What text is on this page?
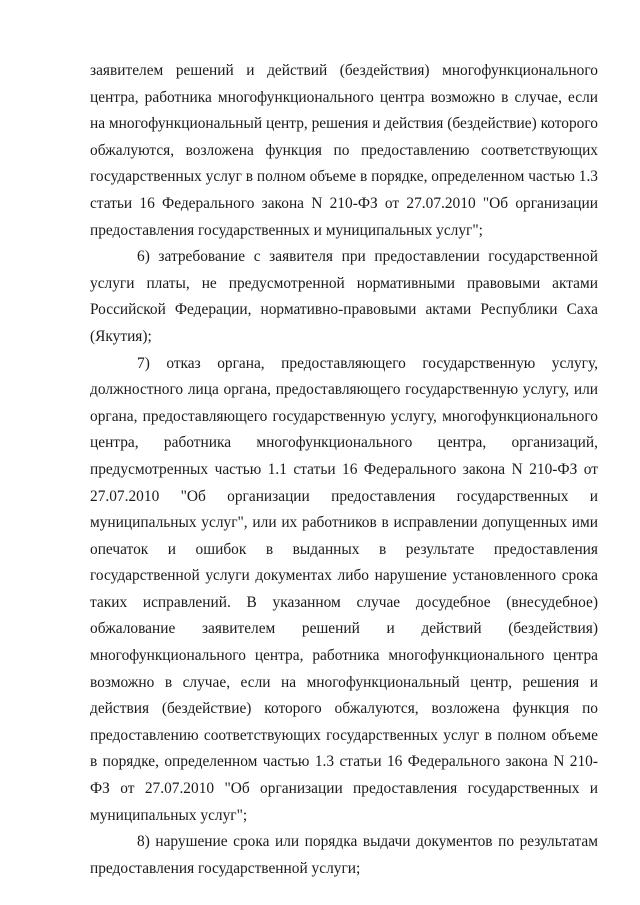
заявителем решений и действий (бездействия) многофункционального центра, работника многофункционального центра возможно в случае, если на многофункциональный центр, решения и действия (бездействие) которого обжалуются, возложена функция по предоставлению соответствующих государственных услуг в полном объеме в порядке, определенном частью 1.3 статьи 16 Федерального закона N 210-ФЗ от 27.07.2010 "Об организации предоставления государственных и муниципальных услуг";

6) затребование с заявителя при предоставлении государственной услуги платы, не предусмотренной нормативными правовыми актами Российской Федерации, нормативно-правовыми актами Республики Саха (Якутия);

7) отказ органа, предоставляющего государственную услугу, должностного лица органа, предоставляющего государственную услугу, или органа, предоставляющего государственную услугу, многофункционального центра, работника многофункционального центра, организаций, предусмотренных частью 1.1 статьи 16 Федерального закона N 210-ФЗ от 27.07.2010 "Об организации предоставления государственных и муниципальных услуг", или их работников в исправлении допущенных ими опечаток и ошибок в выданных в результате предоставления государственной услуги документах либо нарушение установленного срока таких исправлений. В указанном случае досудебное (внесудебное) обжалование заявителем решений и действий (бездействия) многофункционального центра, работника многофункционального центра возможно в случае, если на многофункциональный центр, решения и действия (бездействие) которого обжалуются, возложена функция по предоставлению соответствующих государственных услуг в полном объеме в порядке, определенном частью 1.3 статьи 16 Федерального закона N 210-ФЗ от 27.07.2010 "Об организации предоставления государственных и муниципальных услуг";

8) нарушение срока или порядка выдачи документов по результатам предоставления государственной услуги;
